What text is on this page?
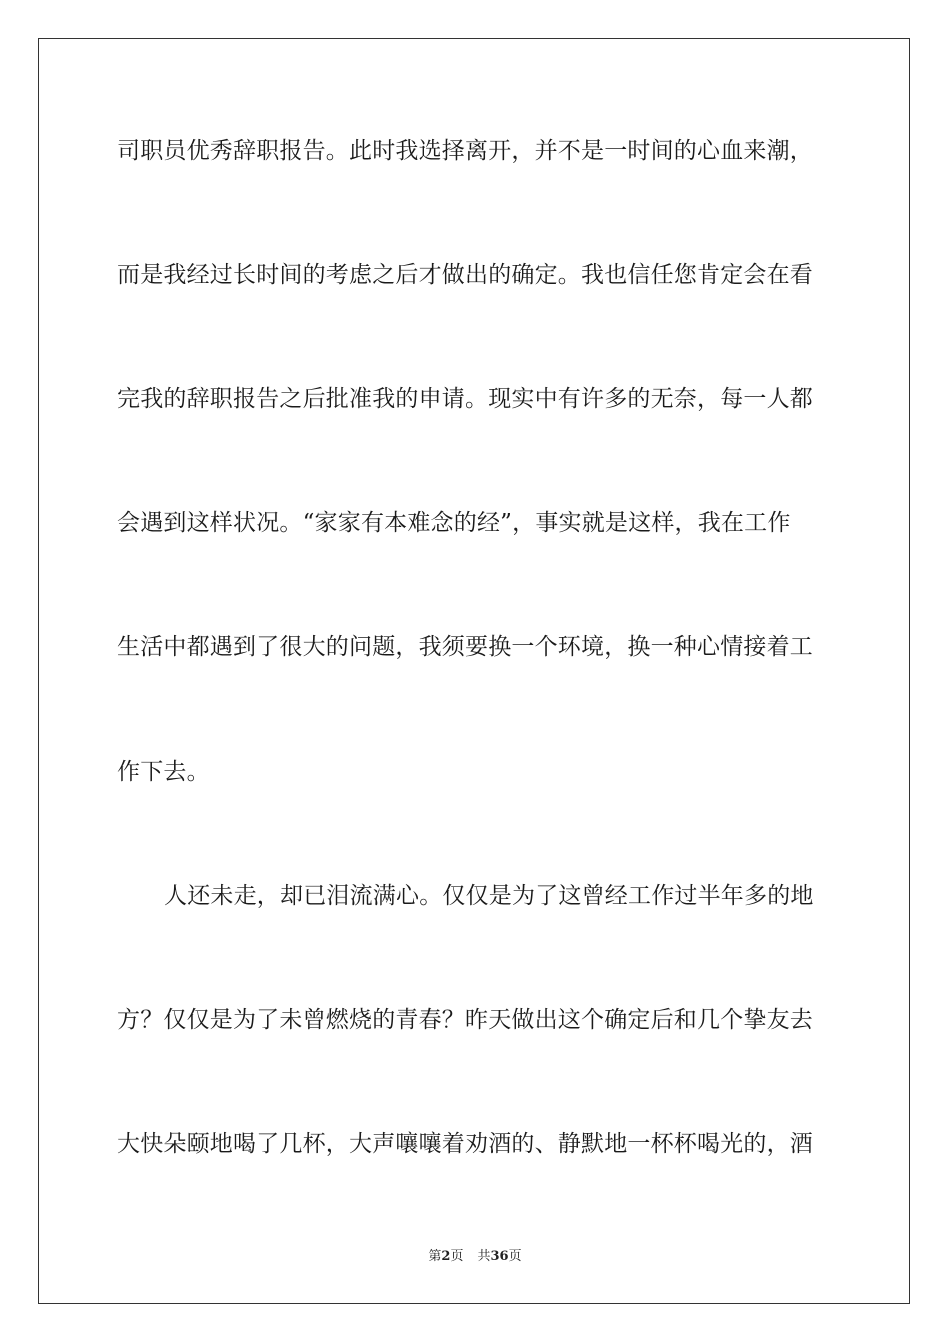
司职员优秀辞职报告。此时我选择离开，并不是一时间的心血来潮，
而是我经过长时间的考虑之后才做出的确定。我也信任您肯定会在看
完我的辞职报告之后批准我的申请。现实中有许多的无奈，每一人都
会遇到这样状况。“家家有本难念的经”，事实就是这样，我在工作
生活中都遇到了很大的问题，我须要换一个环境，换一种心情接着工
作下去。
人还未走，却已泪流满心。仅仅是为了这曾经工作过半年多的地
方？仅仅是为了未曾燃烧的青春？昨天做出这个确定后和几个挚友去
大快朵颐地喝了几杯，大声嚷嚷着劝酒的、静默地一杯杯喝光的，酒
第2页 共36页
